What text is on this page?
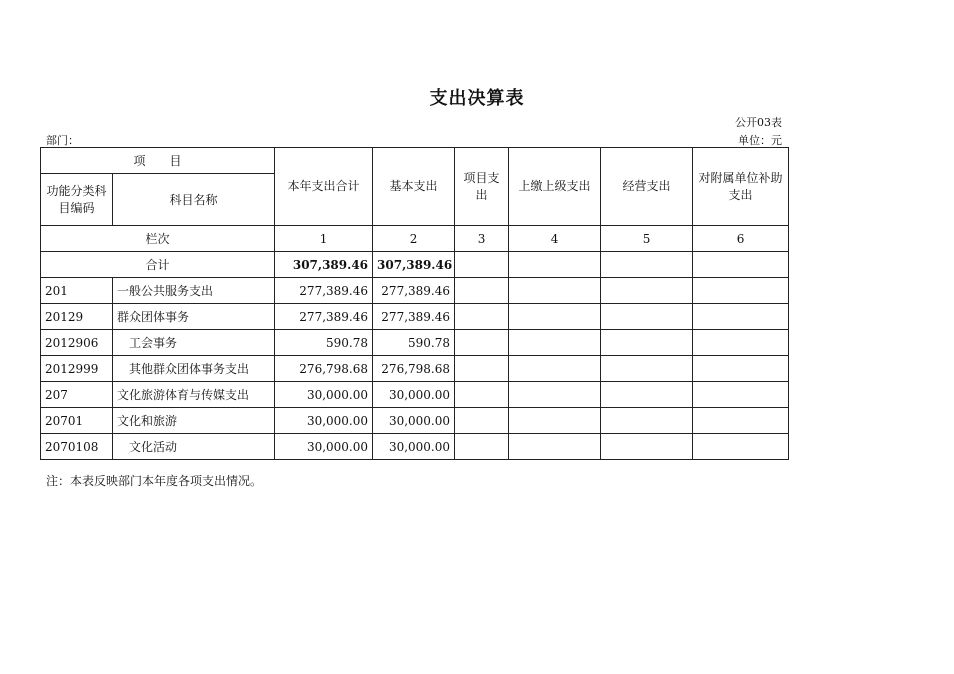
支出决算表
公开03表
部门：	单位：元
项　　目		本年支出合计	基本支出	项目支出	上缴上级支出	经营支出	对附属单位补助支出
功能分类科目编码	科目名称						
栏次		1	2	3	4	5	6
合计		307,389.46	307,389.46				
201	一般公共服务支出	277,389.46	277,389.46				
20129	群众团体事务	277,389.46	277,389.46				
2012906	工会事务	590.78	590.78				
2012999	其他群众团体事务支出	276,798.68	276,798.68				
207	文化旅游体育与传媒支出	30,000.00	30,000.00				
20701	文化和旅游	30,000.00	30,000.00				
2070108	文化活动	30,000.00	30,000.00				
注：本表反映部门本年度各项支出情况。
